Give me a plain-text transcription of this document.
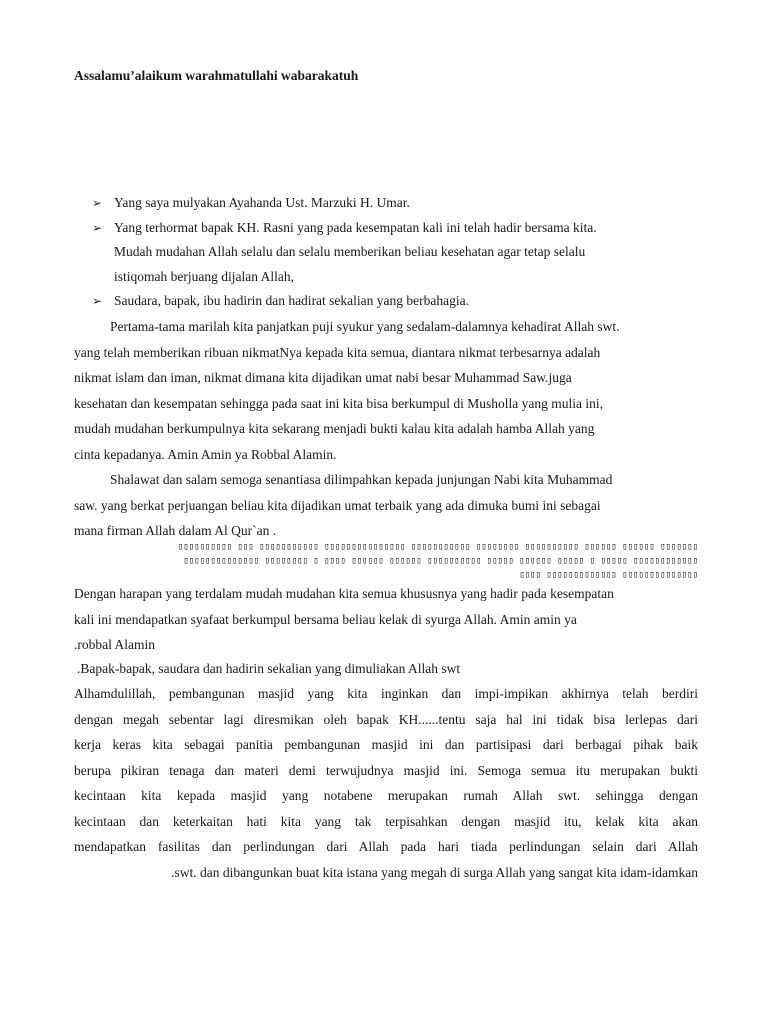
Assalamu’alaikum warahmatullahi wabarakatuh
➢ Yang saya mulyakan Ayahanda Ust. Marzuki H. Umar.
➢ Yang terhormat bapak KH. Rasni yang pada kesempatan kali ini telah hadir bersama kita.
Mudah mudahan Allah selalu dan selalu memberikan beliau kesehatan agar tetap selalu
istiqomah berjuang dijalan Allah,
➢ Saudara, bapak, ibu hadirin dan hadirat sekalian yang berbahagia.
Pertama-tama marilah kita panjatkan puji syukur yang sedalam-dalamnya kehadirat Allah swt.
yang telah memberikan ribuan nikmatNya kepada kita semua, diantara nikmat terbesarnya adalah
nikmat islam dan iman, nikmat dimana kita dijadikan umat nabi besar Muhammad Saw.juga
kesehatan dan kesempatan sehingga pada saat ini kita bisa berkumpul di Musholla yang mulia ini,
mudah mudahan berkumpulnya kita sekarang menjadi bukti kalau kita adalah hamba Allah yang
cinta kepadanya. Amin Amin ya Robbal Alamin.
Shalawat dan salam semoga senantiasa dilimpahkan kepada junjungan Nabi kita Muhammad
saw. yang berkat perjuangan beliau kita dijadikan umat terbaik yang ada dimuka bumi ini sebagai
mana firman Allah dalam Al Qur`an .
▯▯▯▯▯▯▯ ▯▯▯▯▯▯ ▯▯▯▯▯▯ ▯▯▯▯▯▯▯▯▯▯ ▯▯▯▯▯▯▯▯ ▯▯▯▯▯▯▯▯▯▯▯ ▯▯▯▯▯▯▯▯▯▯▯▯▯▯▯ ▯▯▯▯▯▯▯▯▯▯▯ ▯▯▯ ▯▯▯▯▯▯▯▯▯▯
▯▯▯▯▯▯▯▯▯▯▯▯ ▯▯▯▯▯ ▯ ▯▯▯▯▯ ▯▯▯▯▯▯ ▯▯▯▯▯ ▯▯▯▯▯▯▯▯▯▯ ▯▯▯▯▯▯ ▯▯▯▯▯▯ ▯▯▯▯ ▯ ▯▯▯▯▯▯▯▯ ▯▯▯▯▯▯▯▯▯▯▯▯▯▯
▯▯▯▯▯▯▯▯▯▯▯▯▯▯ ▯▯▯▯▯▯▯▯▯▯▯▯▯ ▯▯▯▯
Dengan harapan yang terdalam mudah mudahan kita semua khususnya yang hadir pada kesempatan
kali ini mendapatkan syafaat berkumpul bersama beliau kelak di syurga Allah. Amin amin ya
.robbal Alamin
.Bapak-bapak, saudara dan hadirin sekalian yang dimuliakan Allah swt
Alhamdulillah, pembangunan masjid yang kita inginkan dan impi-impikan akhirnya telah berdiri
dengan megah sebentar lagi diresmikan oleh bapak KH......tentu saja hal ini tidak bisa lerlepas dari
kerja keras kita sebagai panitia pembangunan masjid ini dan partisipasi dari berbagai pihak baik
berupa pikiran tenaga dan materi demi terwujudnya masjid ini. Semoga semua itu merupakan bukti
kecintaan kita kepada masjid yang notabene merupakan rumah Allah swt. sehingga dengan
kecintaan dan keterkaitan hati kita yang tak terpisahkan dengan masjid itu, kelak kita akan
mendapatkan fasilitas dan perlindungan dari Allah pada hari tiada perlindungan selain dari Allah
.swt. dan dibangunkan buat kita istana yang megah di surga Allah yang sangat kita idam-idamkan
